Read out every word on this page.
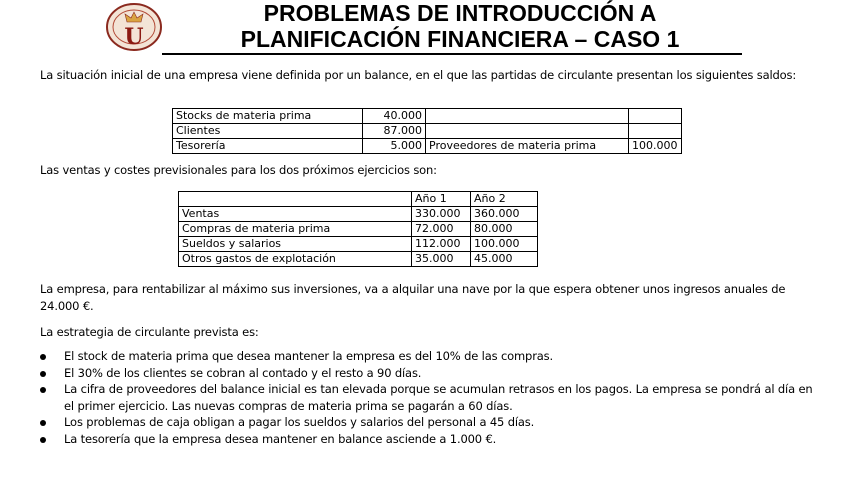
U
PROBLEMAS DE INTRODUCCIÓN A
PLANIFICACIÓN FINANCIERA – CASO 1
La situación inicial de una empresa viene definida por un balance, en el que las partidas de circulante presentan los siguientes saldos:
Stocks de materia prima	40.000		
Clientes	87.000		
Tesorería	5.000	Proveedores de materia prima	100.000
Las ventas y costes previsionales para los dos próximos ejercicios son:
	Año 1	Año 2
Ventas	330.000	360.000
Compras de materia prima	72.000	80.000
Sueldos y salarios	112.000	100.000
Otros gastos de explotación	35.000	45.000
La empresa, para rentabilizar al máximo sus inversiones, va a alquilar una nave por la que espera obtener unos ingresos anuales de
24.000 €.
La estrategia de circulante prevista es:
El stock de materia prima que desea mantener la empresa es del 10% de las compras.
El 30% de los clientes se cobran al contado y el resto a 90 días.
La cifra de proveedores del balance inicial es tan elevada porque se acumulan retrasos en los pagos. La empresa se pondrá al día en el primer ejercicio. Las nuevas compras de materia prima se pagarán a 60 días.
Los problemas de caja obligan a pagar los sueldos y salarios del personal a 45 días.
La tesorería que la empresa desea mantener en balance asciende a 1.000 €.
